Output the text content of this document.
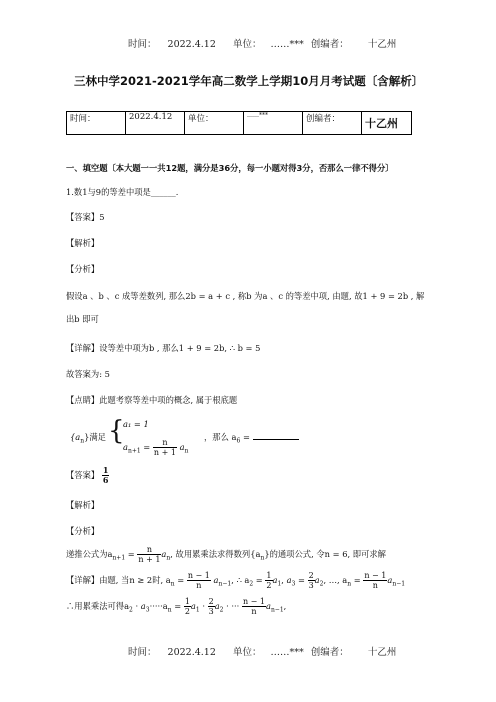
时间： 2022.4.12 单位： ……*** 创编者： 十乙州
三林中学2021-2021学年高二数学上学期10月月考试题〔含解析〕
时间：	2022.4.12	单位：	……***	创编者：	十乙州
一、填空题〔本大题一一共12题，满分是36分，每一小题对得3分，否那么一律不得分〕
1.数1与9的等差中项是______.
【答案】5
【解析】
【分析】
假设a 、b 、c 成等差数列, 那么2b = a + c , 称b 为a 、c 的等差中项, 由题, 故1 + 9 = 2b , 解
出b 即可
【详解】设等差中项为b , 那么1 + 9 = 2b, ∴ b = 5
故答案为: 5
【点睛】此题考察等差中项的概念, 属于根底题
$\{a_n\}$满足 {
a₁ = 1
$a_{n+1} = \frac{n}{n + 1} a_n$
，那么 $a_6$ =
【答案】 $\frac{1}{6}$
【解析】
【分析】
递推公式为$a_{n+1} = \frac{n}{n + 1} a_n$, 故用累乘法求得数列$\{a_n\}$的通项公式, 令n = 6, 即可求解
【详解】由题, 当n ≥ 2时, $a_n = \frac{n - 1}{n} a_{n-1}$, ∴ $a_2 = \frac{1}{2} a_1$, $a_3 = \frac{2}{3} a_2$, …, $a_n = \frac{n - 1}{n} a_{n-1}$
∴用累乘法可得$a_2 \cdot a_3\cdot\cdot\cdot\cdot\cdot a_n = \frac{1}{2} a_1 \cdot \frac{2}{3} a_2$ · ··· $\frac{n - 1}{n} a_{n-1}$,
时间： 2022.4.12 单位： ……*** 创编者： 十乙州
